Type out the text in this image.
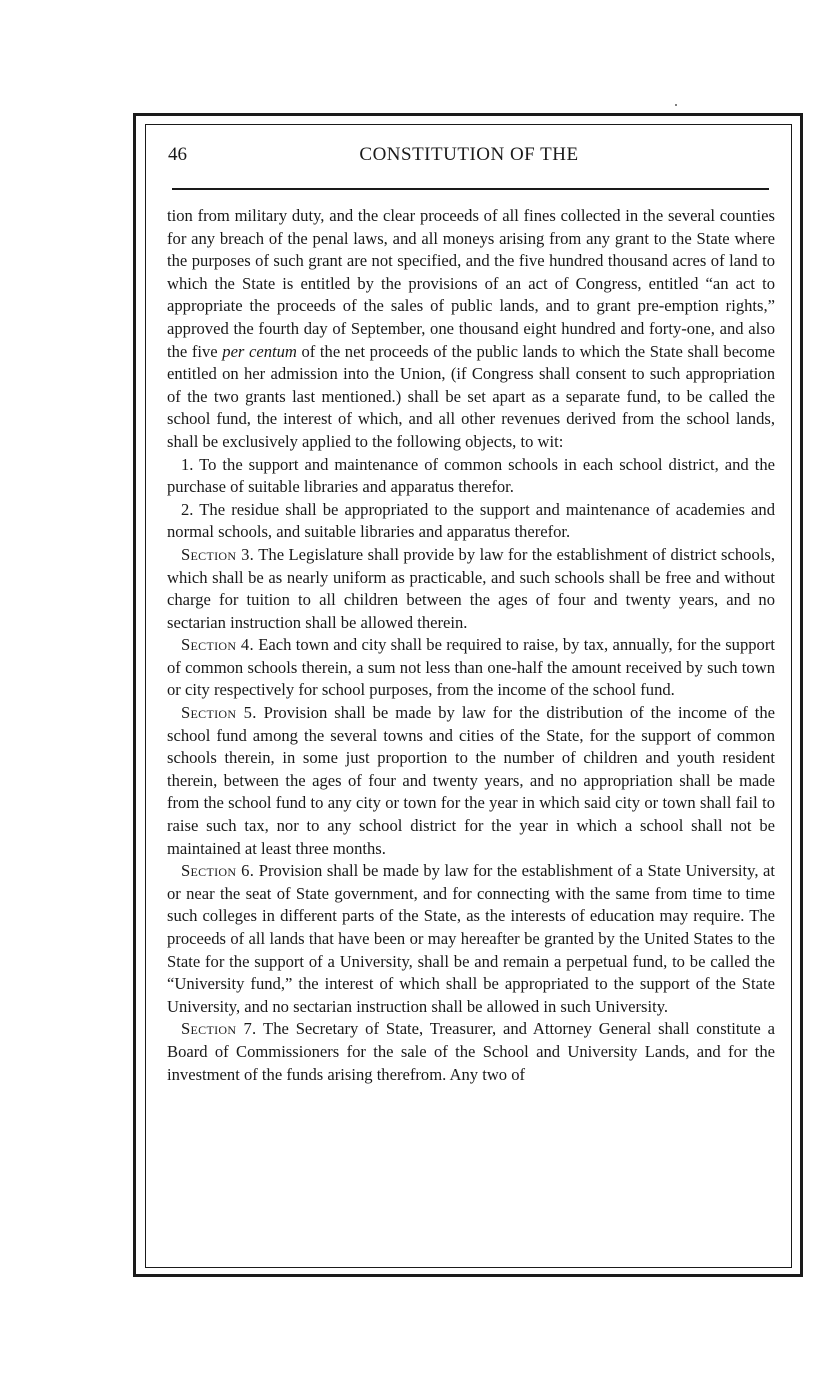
46	CONSTITUTION OF THE

tion from military duty, and the clear proceeds of all fines collected in the several counties for any breach of the penal laws, and all moneys arising from any grant to the State where the purposes of such grant are not specified, and the five hundred thousand acres of land to which the State is entitled by the provisions of an act of Congress, entitled “an act to appropriate the proceeds of the sales of public lands, and to grant pre-emption rights,” approved the fourth day of September, one thousand eight hundred and forty-one, and also the five per centum of the net proceeds of the public lands to which the State shall become entitled on her admission into the Union, (if Congress shall consent to such appropriation of the two grants last mentioned.) shall be set apart as a separate fund, to be called the school fund, the interest of which, and all other revenues derived from the school lands, shall be exclusively applied to the following objects, to wit:

1. To the support and maintenance of common schools in each school district, and the purchase of suitable libraries and apparatus therefor.

2. The residue shall be appropriated to the support and maintenance of academies and normal schools, and suitable libraries and apparatus therefor.

Section 3. The Legislature shall provide by law for the establishment of district schools, which shall be as nearly uniform as practicable, and such schools shall be free and without charge for tuition to all children between the ages of four and twenty years, and no sectarian instruction shall be allowed therein.

Section 4. Each town and city shall be required to raise, by tax, annually, for the support of common schools therein, a sum not less than one-half the amount received by such town or city respectively for school purposes, from the income of the school fund.

Section 5. Provision shall be made by law for the distribution of the income of the school fund among the several towns and cities of the State, for the support of common schools therein, in some just proportion to the number of children and youth resident therein, between the ages of four and twenty years, and no appropriation shall be made from the school fund to any city or town for the year in which said city or town shall fail to raise such tax, nor to any school district for the year in which a school shall not be maintained at least three months.

Section 6. Provision shall be made by law for the establishment of a State University, at or near the seat of State government, and for connecting with the same from time to time such colleges in different parts of the State, as the interests of education may require. The proceeds of all lands that have been or may hereafter be granted by the United States to the State for the support of a University, shall be and remain a perpetual fund, to be called the “University fund,” the interest of which shall be appropriated to the support of the State University, and no sectarian instruction shall be allowed in such University.

Section 7. The Secretary of State, Treasurer, and Attorney General shall constitute a Board of Commissioners for the sale of the School and University Lands, and for the investment of the funds arising therefrom. Any two of
